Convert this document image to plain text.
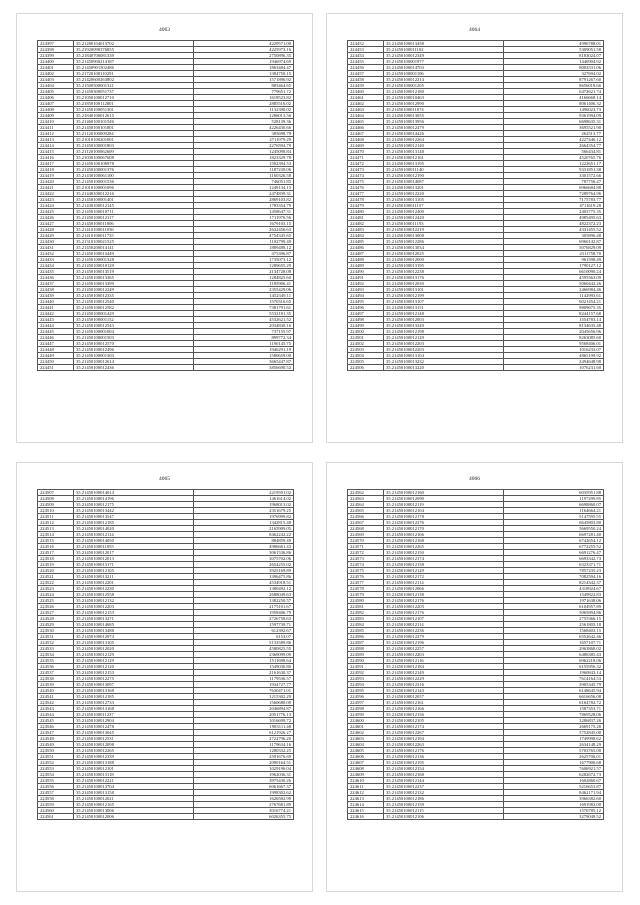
4063
224397	35.21280104013702	4229571.00
224398	35.21920090376855	4225973.16
224399	35.21840700081339	2750896.35
224400	35.21450900214187	1946974.69
224401	35.21450901502486	1863484.47
224402	35.21720100110291	1384750.15
224403	35.21420600263802	1571896.92
224404	35.21500500001321	883464.65
224405	35.21450300051737	779651.72
224406	35.21050100012710	1618523.82
224407	35.21850100112801	2885516.02
224408	35.21450100051301	1132390.02
224409	35.21840100012615	1286013.56
224410	35.21460100101546	528139.36
224411	35.21450100101801	4226430.66
224412	35.21120100009284	385698.78
224413	35.21010100201001	2711979.29
224414	35.21450100001803	2276594.79
224415	35.21120100062609	1245098.84
224416	35.21030100067608	1823329.78
224417	35.21450100106978	1502394.53
224418	35.21450100001376	1187230.06
224419	35.21430100061100	1160326.58
224420	35.21450100001536	746051.85
224421	35.21010100001096	1249134.15
224422	35.21440100012216	2474839.31
224423	35.21450100001401	2869103.82
224424	35.21430100012145	1783354.79
224425	35.21450100010711	1458647.31
224426	35.21450100012117	1711976.56
224427	35.21450100011806	1679103.15
224428	35.21410100011036	2632456.63
224429	35.21410100011735	4754345.65
224430	35.21310100021525	1102799.49
224431	35.21450200014141	1889488.12
224432	35.21450100013449	475396.87
224433	35.21450100001328	1735073.12
224434	35.21450100010129	1289655.29
224435	35.21450100013519	2134728.08
224436	35.21450100013365	1284825.60
224437	35.21450100013399	1185906.41
224438	35.21450100012249	2355429.06
224439	35.21450100012335	1452349.11
224440	35.21450100012540	1570316.65
224441	35.21450100012582	7381791.61
224442	35.21450100001429	5532181.35
224443	35.21450100001152	4532621.52
224444	35.21450100012543	2034830.16
224445	35.21450100001004	737155.97
224446	35.21450100001503	899772.34
224447	35.21450100012570	1190145.75
224448	35.21450100012496	1946291.19
224449	35.21450100001303	1580659.00
224450	35.21450100012614	3665447.87
224451	35.21450100012436	3856690.52
4064
224452	35.21450100013458	4996788.01
224453	35.21450100011102	5309051.58
224454	35.21450100012349	8183024.07
224455	35.21450100001977	1446904.92
224456	35.21450100014703	8002531.06
224457	35.21450100001106	327694.02
224458	35.21450100012214	8791267.60
224459	35.21450100001205	8656018.66
224460	35.21450100012180	6472621.74
224461	35.21450100010463	4166668.14
224462	35.21450100012990	8061406.32
224463	35.21450100011074	1496023.73
224464	35.21450100013055	9361994.09
224465	35.21450100013956	6698635.31
224466	35.21450100012479	3695521.90
224467	35.21450100014426	262513.77
224468	35.21450100012264	4227446.12
224469	35.21450100012140	2664354.77
224470	35.21450100013148	566434.81
224471	35.21450100012161	4520765.76
224472	35.21450100013195	1222651.17
224473	35.21450100011140	9331851.38
224474	35.21450100012190	3301572.66
224475	35.21450100014087	787756.47
224476	35.21450100013201	6966684.88
224477	35.21450100012220	7289764.96
224478	35.21450100013105	7175783.77
224479	35.21450100011157	4711619.28
224480	35.21450100012400	2403775.35
224481	35.21450100012420	4985495.63
224482	35.21450100011193	4822372.23
224483	35.21450100012219	4331455.52
224484	35.21450100013008	305896.48
224485	35.21450100012286	6960142.87
224486	35.21450100013034	5076829.09
224487	35.21450100012025	2311758.70
224488	35.21450100012000	961598.49
224489	35.21450100013195	1790127.12
224490	35.21450100012238	6610090.24
224491	35.21450100013176	4595563.09
224492	35.21450100012030	3060442.26
224493	35.21450100013101	2466984.46
224494	35.21450100012199	1142993.61
224495	35.21450100013107	6021454.21
224496	35.21450100013151	9809675.35
224497	35.21450100012148	8244157.68
224498	35.21450100012003	1554783.14
224499	35.21450100013349	8134635.48
224500	35.21450100012198	2045656.96
224501	35.21450100012129	8263085.60
224502	35.21450100012203	9568406.01
224503	35.21450100012203	1016233.07
224504	35.21450100013104	4865199.92
224505	35.21450100013232	2494648.98
224506	35.21450100013220	1076231.60
4065
224507	35.21450100014014	2219591.02
224508	35.21450100014196	1461614.02
224509	35.21450100012175	1968013.02
224510	35.21450100013442	2351679.25
224511	35.21450100013547	1976999.82
224512	35.21450100012185	1342815.48
224513	35.21450100014020	2165909.05
224514	35.21450100012114	8462242.22
224515	35.21450100014050	884859.49
224516	35.21450100011055	4986661.43
224517	35.21450100012017	3061536.86
224518	35.21450100012013	3075702.06
224519	35.21450100013171	2654255.02
224520	35.21450100012105	3925169.89
224521	35.21450100013211	1396475.86
224522	35.21450100012201	4534918.51
224523	35.21450100012230	1380492.12
224524	35.21450100012558	2688049.63
224525	35.21450100012132	1382250.57
224526	35.21450100012203	2175101.67
224527	35.21450100012153	1958406.79
224528	35.21450100013271	2726758.63
224529	35.21450100014685	1597739.71
224530	35.21450100013488	612392.67
224531	35.21450100012974	6153.07
224532	35.21450100013105	5133589.86
224533	35.21450100012020	4580825.55
224534	35.21450100012129	2369099.09
224535	35.21450100012129	1511698.64
224536	35.21450100012120	1549030.80
224537	35.21450100012153	2161630.37
224538	35.21450100012275	1179536.57
224539	35.21450100013097	1934727.77
224540	35.21450100013168	7630471.01
224541	35.21450100012185	1215302.29
224542	35.21450100012733	1560680.00
224543	35.21450100013168	2046894.87
224544	35.21450100011237	2051776.13
224545	35.21450100012904	1016699.72
224546	35.21450100012478	1983111.48
224547	35.21450100013045	6121926.27
224548	35.21450100012531	2722796.20
224549	35.21450100012098	1179634.16
224550	35.21450100012265	1280332.25
224551	35.21450100012339	2591676.69
224552	35.21450100013188	2090164.51
224553	35.21450100012101	1029196.04
224554	35.21450100013118	1962036.31
224555	35.21450100012221	3975430.26
224556	35.21450100013704	6061667.37
224557	35.21450100013158	1998302.62
224558	35.21450100012021	1626582.99
224559	35.21450100012165	2767681.89
224560	35.21450100013006	3016774.21
224561	35.21450100012006	6026355.75
4066
224562	35.21450100012160	6035951.88
224563	35.21450100012090	1197299.85
224564	35.21450100012119	6698860.07
224565	35.21450100012104	1164664.21
224566	35.21450100012178	5147595.55
224567	35.21450100012276	6645803.80
224568	35.21450100012170	5669550.24
224569	35.21450100012166	6697281.40
224570	35.21450100012168	6742654.12
224571	35.21450100012265	6772255.52
224572	35.21450100012150	6691276.47
224573	35.21450100012174	6693342.73
224574	35.21450100012158	6323371.71
224575	35.21450100012129	7857235.23
224576	35.21450100012172	7082594.16
224577	35.21450100012114	8214342.37
224578	35.21450100012066	4318924.67
224579	35.21450100012138	1549822.83
224580	35.21450100012176	1971638.06
224581	35.21450100012203	6104957.89
224582	35.21450100012176	5065894.86
224583	35.21450100012107	2755366.15
224584	35.21450100012114	2561803.18
224585	35.21450100012236	1568403.15
224586	35.21450100012279	6552642.46
224587	35.21450100012196	1657107.71
224588	35.21450100012257	2963868.02
224589	35.21450100012203	6486385.43
224590	35.21450100012116	6962218.06
224591	35.21450100012184	6155956.32
224592	35.21450100012149	1960843.14
224593	35.21450100012229	7614164.53
224594	35.21450100012316	3905345.79
224595	35.21450100012143	6148645.94
224596	35.21450100012057	6616656.08
224597	35.21450100012161	6164782.72
224598	35.21450100012166	1587353.71
224599	35.21450100012156	7869528.06
224600	35.21450100012105	3286837.26
224601	35.21450100012174	2669175.28
224602	35.21450100012267	5752845.00
224603	35.21450100012194	1749998.62
224604	35.21450100012263	2634148.29
224605	35.21450100012176	5703765.00
224606	35.21450100012136	2625706.01
224607	35.21450100012195	1677906.68
224608	35.21450100012154	7606921.57
224609	35.21450100012168	6282672.73
224610	35.21450100012144	1602860.67
224611	35.21450100012237	5216653.87
224612	35.21450100012132	8462171.94
224613	35.21450100012186	3966382.60
224614	35.21450100012159	1691982.00
224615	35.21450100012115	1570785.12
224616	35.21450100012106	3279049.52
